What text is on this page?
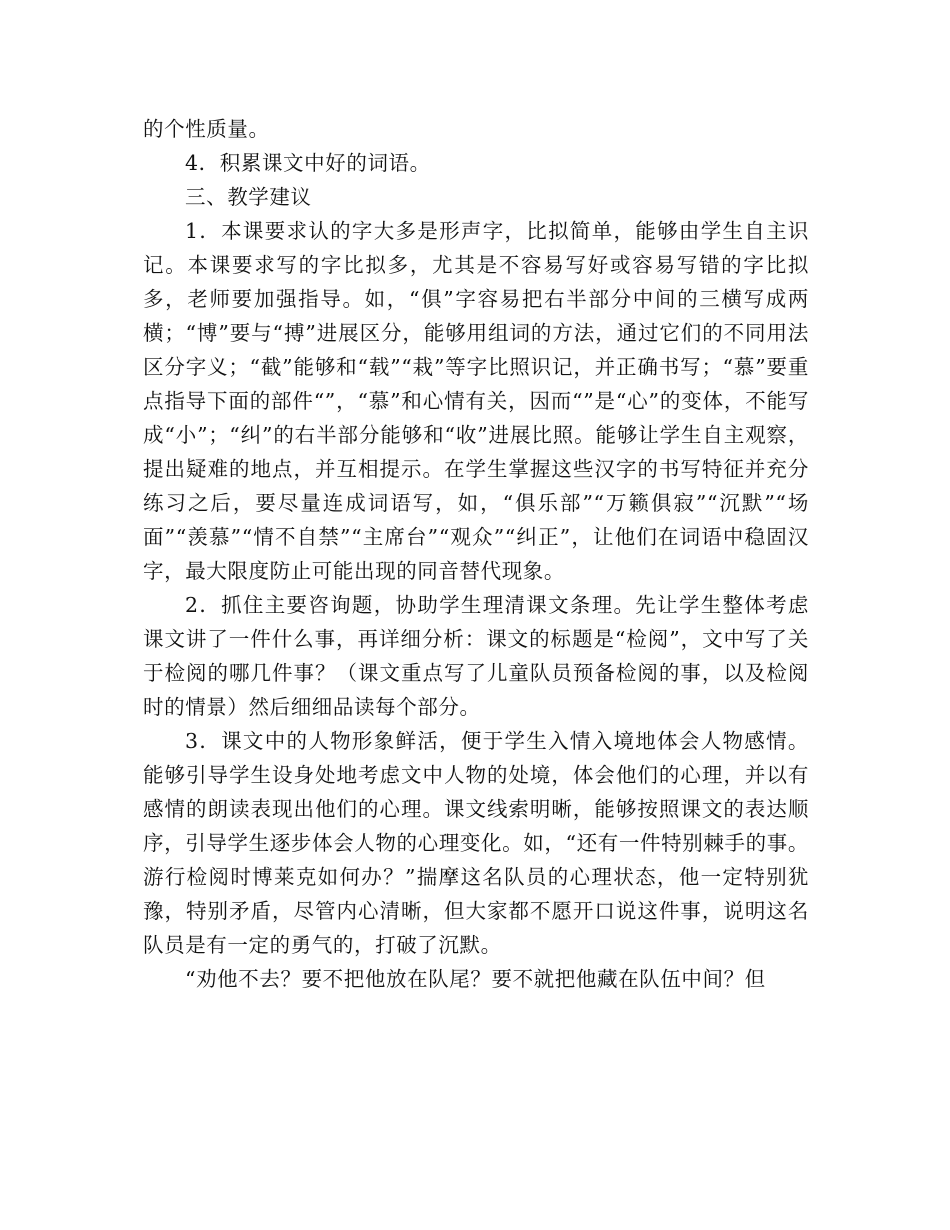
的个性质量。

4．积累课文中好的词语。

三、教学建议

1．本课要求认的字大多是形声字，比拟简单，能够由学生自主识记。本课要求写的字比拟多，尤其是不容易写好或容易写错的字比拟多，老师要加强指导。如，“俱”字容易把右半部分中间的三横写成两横；“博”要与“搏”进展区分，能够用组词的方法，通过它们的不同用法区分字义；“截”能够和“载”“栽”等字比照识记，并正确书写；“慕”要重点指导下面的部件“”，“慕”和心情有关，因而“”是“心”的变体，不能写成“小”；“纠”的右半部分能够和“收”进展比照。能够让学生自主观察，提出疑难的地点，并互相提示。在学生掌握这些汉字的书写特征并充分练习之后，要尽量连成词语写，如，“俱乐部”“万籁俱寂”“沉默”“场面”“羡慕”“情不自禁”“主席台”“观众”“纠正”，让他们在词语中稳固汉字，最大限度防止可能出现的同音替代现象。

2．抓住主要咨询题，协助学生理清课文条理。先让学生整体考虑课文讲了一件什么事，再详细分析：课文的标题是“检阅”，文中写了关于检阅的哪几件事？（课文重点写了儿童队员预备检阅的事，以及检阅时的情景）然后细细品读每个部分。

3．课文中的人物形象鲜活，便于学生入情入境地体会人物感情。能够引导学生设身处地考虑文中人物的处境，体会他们的心理，并以有感情的朗读表现出他们的心理。课文线索明晰，能够按照课文的表达顺序，引导学生逐步体会人物的心理变化。如，“还有一件特别棘手的事。游行检阅时博莱克如何办？”揣摩这名队员的心理状态，他一定特别犹豫，特别矛盾，尽管内心清晰，但大家都不愿开口说这件事，说明这名队员是有一定的勇气的，打破了沉默。

“劝他不去？要不把他放在队尾？要不就把他藏在队伍中间？但
